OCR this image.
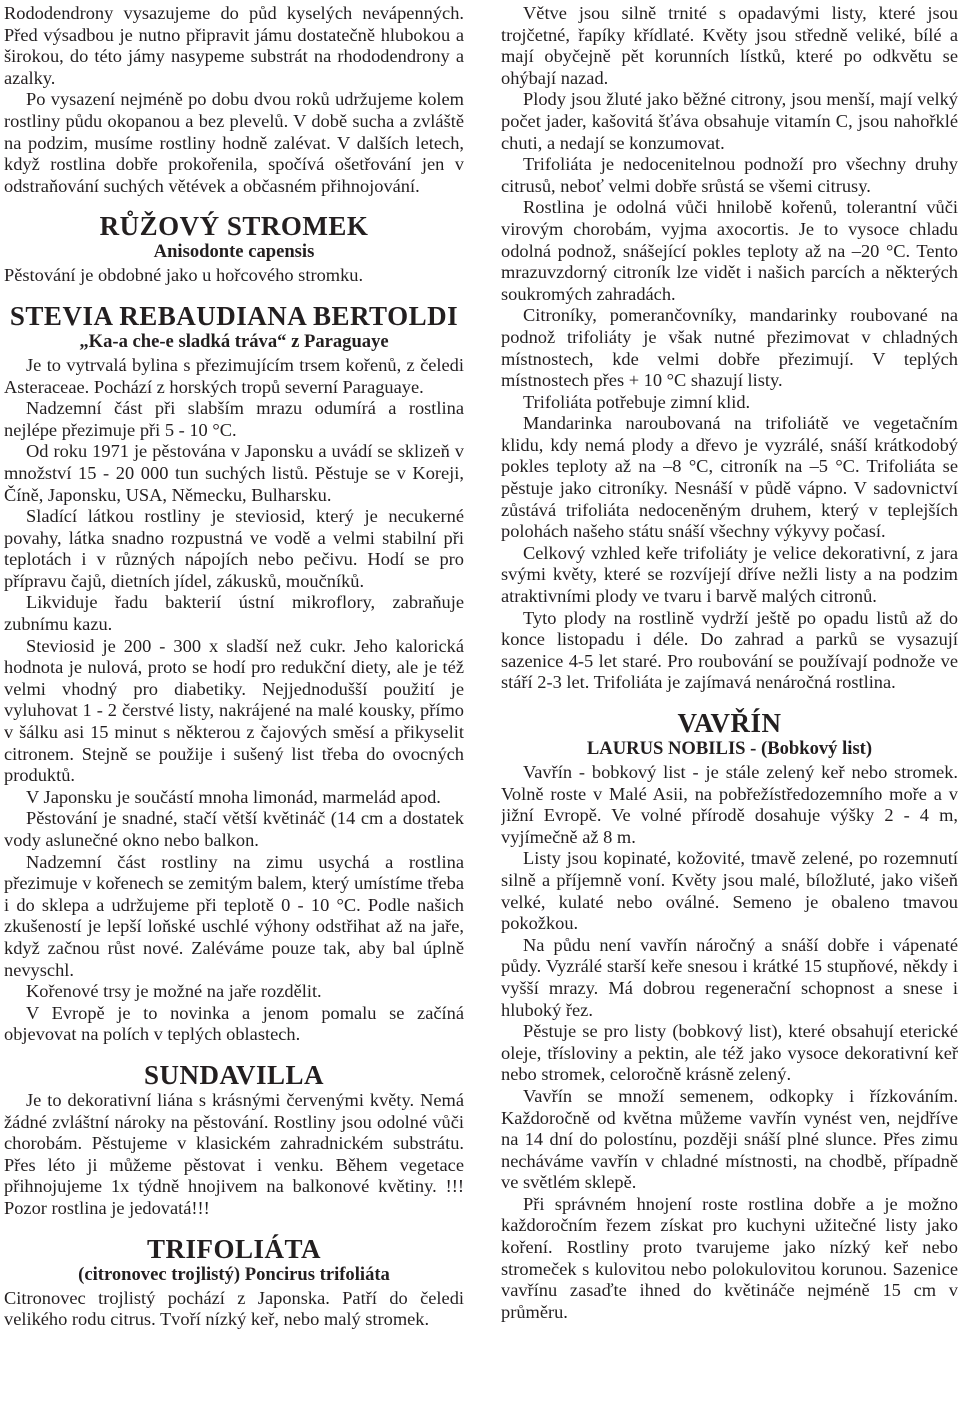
Rododendrony vysazujeme do půd kyselých nevápenných. Před výsadbou je nutno připravit jámu dostatečně hlubokou a širokou, do této jámy nasypeme substrát na rhododendrony a azalky.

Po vysazení nejméně po dobu dvou roků udržujeme kolem rostliny půdu okopanou a bez plevelů. V době sucha a zvláště na podzim, musíme rostliny hodně zalévat. V dalších letech, když rostlina dobře prokořenila, spočívá ošetřování jen v odstraňování suchých větévek a občasném přihnojování.

RŮŽOVÝ STROMEK
Anisodonte capensis

Pěstování je obdobné jako u hořcového stromku.

STEVIA REBAUDIANA BERTOLDI
„Ka-a che-e sladká tráva“ z Paraguaye

Je to vytrvalá bylina s přezimujícím trsem kořenů, z čeledi Asteraceae. Pochází z horských tropů severní Paraguaye.

Nadzemní část při slabším mrazu odumírá a rostlina nejlépe přezimuje při 5 - 10 °C.

Od roku 1971 je pěstována v Japonsku a uvádí se sklizeň v množství 15 - 20 000 tun suchých listů. Pěstuje se v Koreji, Číně, Japonsku, USA, Německu, Bulharsku.

Sladící látkou rostliny je steviosid, který je necukerné povahy, látka snadno rozpustná ve vodě a velmi stabilní při teplotách i v různých nápojích nebo pečivu. Hodí se pro přípravu čajů, dietních jídel, zákusků, moučníků.

Likviduje řadu bakterií ústní mikroflory, zabraňuje zubnímu kazu.

Steviosid je 200 - 300 x sladší než cukr. Jeho kalorická hodnota je nulová, proto se hodí pro redukční diety, ale je též velmi vhodný pro diabetiky. Nejjednodušší použití je vyluhovat 1 - 2 čerstvé listy, nakrájené na malé kousky, přímo v šálku asi 15 minut s některou z čajových směsí a přikyselit citronem. Stejně se použije i sušený list třeba do ovocných produktů.

V Japonsku je součástí mnoha limonád, marmelád apod.

Pěstování je snadné, stačí větší květináč (14 cm a dostatek vody aslunečné okno nebo balkon.

Nadzemní část rostliny na zimu usychá a rostlina přezimuje v kořenech se zemitým balem, který umístíme třeba i do sklepa a udržujeme při teplotě 0 - 10 °C. Podle našich zkušeností je lepší loňské uschlé výhony odstřihat až na jaře, když začnou růst nové. Zaléváme pouze tak, aby bal úplně nevyschl.

Kořenové trsy je možné na jaře rozdělit.

V Evropě je to novinka a jenom pomalu se začíná objevovat na polích v teplých oblastech.

SUNDAVILLA

Je to dekorativní liána s krásnými červenými květy. Nemá žádné zvláštní nároky na pěstování. Rostliny jsou odolné vůči chorobám. Pěstujeme v klasickém zahradnickém substrátu. Přes léto ji můžeme pěstovat i venku. Během vegetace přihnojujeme 1x týdně hnojivem na balkonové květiny. !!! Pozor rostlina je jedovatá!!!

TRIFOLIÁTA
(citronovec trojlistý) Poncirus trifoliáta

Citronovec trojlistý pochází z Japonska. Patří do čeledi velikého rodu citrus. Tvoří nízký keř, nebo malý stromek.

Větve jsou silně trnité s opadavými listy, které jsou trojčetné, řapíky křídlaté. Květy jsou středně veliké, bílé a mají obyčejně pět korunních lístků, které po odkvětu se ohýbají nazad.

Plody jsou žluté jako běžné citrony, jsou menší, mají velký počet jader, kašovitá šťáva obsahuje vitamín C, jsou nahořklé chuti, a nedají se konzumovat.

Trifoliáta je nedocenitelnou podnoží pro všechny druhy citrusů, neboť velmi dobře srůstá se všemi citrusy.

Rostlina je odolná vůči hnilobě kořenů, tolerantní vůči virovým chorobám, vyjma axocortis. Je to vysoce chladu odolná podnož, snášející pokles teploty až na –20 °C. Tento mrazuvzdorný citroník lze vidět i našich parcích a některých soukromých zahradách.

Citroníky, pomerančovníky, mandarinky roubované na podnož trifoliáty je však nutné přezimovat v chladných místnostech, kde velmi dobře přezimují. V teplých místnostech přes + 10 °C shazují listy.

Trifoliáta potřebuje zimní klid.

Mandarinka naroubovaná na trifoliátě ve vegetačním klidu, kdy nemá plody a dřevo je vyzrálé, snáší krátkodobý pokles teploty až na –8 °C, citroník na –5 °C. Trifoliáta se pěstuje jako citroníky. Nesnáší v půdě vápno. V sadovnictví zůstává trifoliáta nedoceněným druhem, který v teplejších polohách našeho státu snáší všechny výkyvy počasí.

Celkový vzhled keře trifoliáty je velice dekorativní, z jara svými květy, které se rozvíjejí dříve nežli listy a na podzim atraktivními plody ve tvaru i barvě malých citronů.

Tyto plody na rostlině vydrží ještě po opadu listů až do konce listopadu i déle. Do zahrad a parků se vysazují sazenice 4-5 let staré. Pro roubování se používají podnože ve stáří 2-3 let. Trifoliáta je zajímavá nenáročná rostlina.

VAVŘÍN
LAURUS NOBILIS - (Bobkový list)

Vavřín - bobkový list - je stále zelený keř nebo stromek. Volně roste v Malé Asii, na pobřežístředozemního moře a v jižní Evropě. Ve volné přírodě dosahuje výšky 2 - 4 m, vyjímečně až 8 m.

Listy jsou kopinaté, kožovité, tmavě zelené, po rozemnutí silně a příjemně voní. Květy jsou malé, bíložluté, jako višeň velké, kulaté nebo oválné. Semeno je obaleno tmavou pokožkou.

Na půdu není vavřín náročný a snáší dobře i vápenaté půdy. Vyzrálé starší keře snesou i krátké 15 stupňové, někdy i vyšší mrazy. Má dobrou regenerační schopnost a snese i hluboký řez.

Pěstuje se pro listy (bobkový list), které obsahují eterické oleje, třísloviny a pektin, ale též jako vysoce dekorativní keř nebo stromek, celoročně krásně zelený.

Vavřín se množí semenem, odkopky i řízkováním. Každoročně od května můžeme vavřín vynést ven, nejdříve na 14 dní do polostínu, později snáší plné slunce. Přes zimu necháváme vavřín v chladné místnosti, na chodbě, případně ve světlém sklepě.

Při správném hnojení roste rostlina dobře a je možno každoročním řezem získat pro kuchyni užitečné listy jako koření. Rostliny proto tvarujeme jako nízký keř nebo stromeček s kulovitou nebo polokulovitou korunou. Sazenice vavřínu zasaďte ihned do květináče nejméně 15 cm v průměru.
